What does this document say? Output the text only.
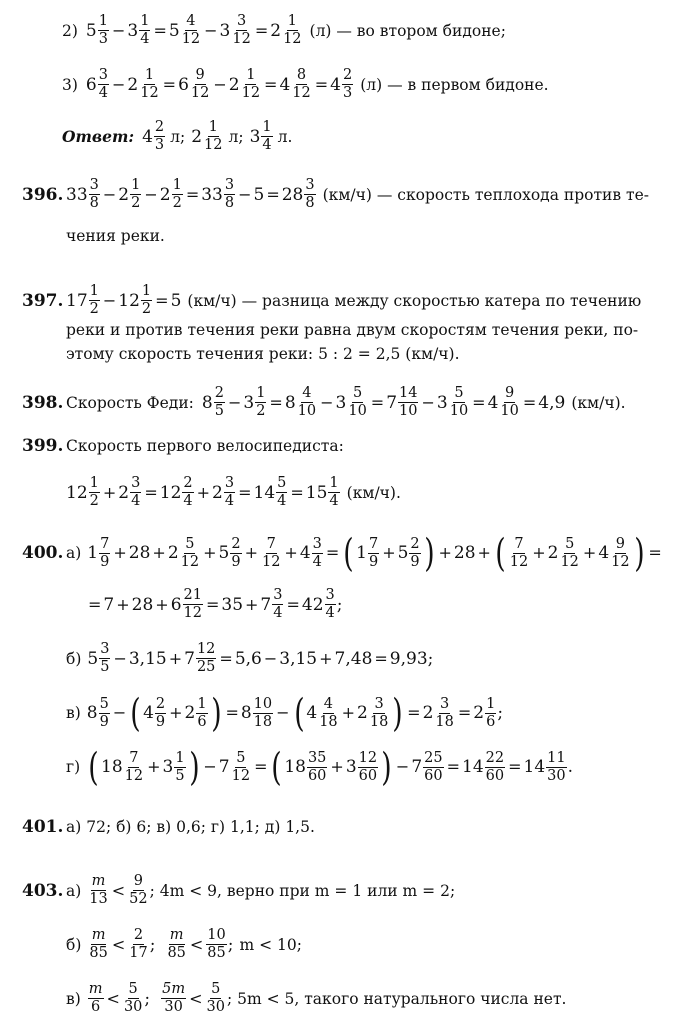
2) 5 1
$3 - 3 \frac{1}{4} = 5$ 4
$12 - 3 \frac{3}{12} = 2$ 1
12 (л) — во втором бидоне;
3) 6 3
$4 - 2 \frac{1}{12} = 6$ 9
$12 - 2 \frac{1}{12} = 4 \frac{8}{12} = 4$ 2
3 (л) — в первом бидоне.
Ответ: 4 2
3 л; 2 1
12 л; 3 1
4 л.
396. 33 3
8 − 2 1
$2 - 2 \frac{1}{2} = 33$ 3
8 − 5 = 28 3
8 (км/ч) — скорость теплохода против те-
чения реки.
397. 17 1
$2 - 12 \frac{1}{2} = 5$ (км/ч) — разница между скоростью катера по течению
реки и против течения реки равна двум скоростям течения реки, по-
этому скорость течения реки: 5 : 2 = 2,5 (км/ч).
398. Скорость Феди: 8 2
$5 - 3 \frac{1}{2} = 8$ 4
$10 - 3 \frac{5}{10} = 7$ 14
$10 - 3 \frac{5}{10} = 4 \frac{9}{10} = 4,9$ (км/ч).
399. Скорость первого велосипедиста:
12 1
$2 + 2 \frac{3}{4} = 12$ 2
$4 + 2 \frac{3}{4} = 14 \frac{5}{4} = 15$ 1
4 (км/ч).
400. а) 1 7
9 + 28 + 2 5
12 + 5 2
$9 + \frac{7}{12} + 4 \frac{3}{4}$ = ( 1 7
9 + 5 2
9 ) + 28 + ( 7
12 + 2 5
12 + 4 9
12 ) =
= $7 + 28 + 6 \frac{21}{12} = 35 + 7 \frac{3}{4} = 42$ 3
4 ;
б) 5 3
$5 - 3,15 + 7 \frac{12}{25} = 5,6 - 3,15 + 7,48 = 9,93$;
в) 8 5
9 − ( 4 2
9 + 2 1
6 ) = 8 10
18 − ( 4 4
18 + 2 3
18 ) = $2 \frac{3}{18} = 2$ 1
6 ;
г) ( 18 7
12 + 3 1
5 ) − $7 \frac{5}{12}$ = ( 18 35
60 + 3 12
60 ) − $7 \frac{25}{60} = 14 \frac{22}{60} = 14$ 11
30 .
401. а) 72; б) 6; в) 0,6; г) 1,1; д) 1,5.
403. а)
m
13 < 9
52 ; 4m < 9, верно при m = 1 или m = 2;
б)
m
85 < 2
17 ; m
85 < 10
85 ; m < 10;
в)
m
6 < 5
30 ; 5m
30 < 5
30 ; 5m < 5, такого натурального числа нет.
